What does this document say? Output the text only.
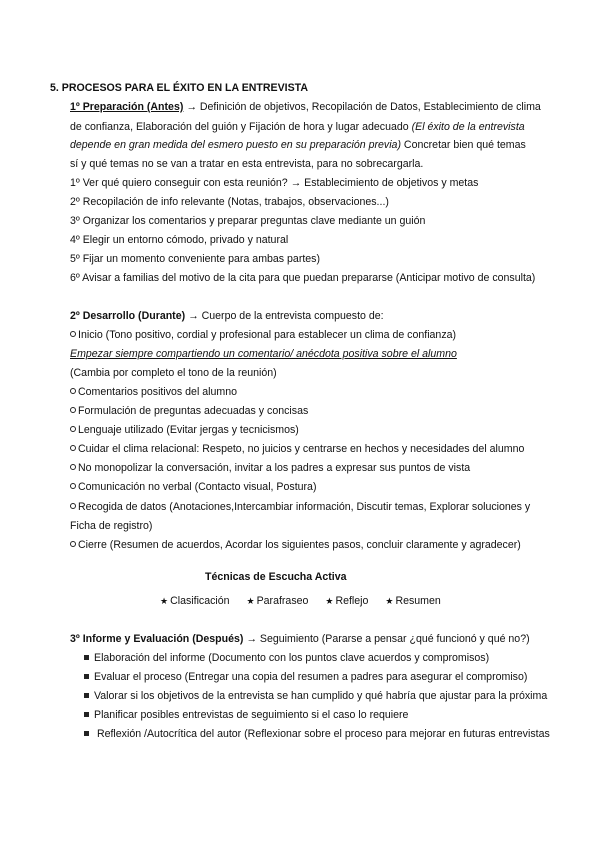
5. PROCESOS PARA EL ÉXITO EN LA ENTREVISTA
1º Preparación (Antes) → Definición de objetivos, Recopilación de Datos, Establecimiento de clima
de confianza, Elaboración del guión y Fijación de hora y lugar adecuado (El éxito de la entrevista
depende en gran medida del esmero puesto en su preparación previa) Concretar bien qué temas
sí y qué temas no se van a tratar en esta entrevista, para no sobrecargarla.
1º Ver qué quiero conseguir con esta reunión? → Establecimiento de objetivos y metas
2º Recopilación de info relevante (Notas, trabajos, observaciones...)
3º Organizar los comentarios y preparar preguntas clave mediante un guión
4º Elegir un entorno cómodo, privado y natural
5º Fijar un momento conveniente para ambas partes)
6º Avisar a familias del motivo de la cita para que puedan prepararse (Anticipar motivo de consulta)
2º Desarrollo (Durante) → Cuerpo de la entrevista compuesto de:
Inicio (Tono positivo, cordial y profesional para establecer un clima de confianza)
Empezar siempre compartiendo un comentario/ anécdota positiva sobre el alumno
(Cambia por completo el tono de la reunión)
Comentarios positivos del alumno
Formulación de preguntas adecuadas y concisas
Lenguaje utilizado (Evitar jergas y tecnicismos)
Cuidar el clima relacional: Respeto, no juicios y centrarse en hechos y necesidades del alumno
No monopolizar la conversación, invitar a los padres a expresar sus puntos de vista
Comunicación no verbal (Contacto visual, Postura)
Recogida de datos (Anotaciones,Intercambiar información, Discutir temas, Explorar soluciones y
Ficha de registro)
Cierre (Resumen de acuerdos, Acordar los siguientes pasos, concluir claramente y agradecer)
Técnicas de Escucha Activa
★ Clasificación ★ Parafraseo ★ Reflejo ★ Resumen
3º Informe y Evaluación (Después) → Seguimiento (Pararse a pensar ¿qué funcionó y qué no?)
Elaboración del informe (Documento con los puntos clave acuerdos y compromisos)
Evaluar el proceso (Entregar una copia del resumen a padres para asegurar el compromiso)
Valorar si los objetivos de la entrevista se han cumplido y qué habría que ajustar para la próxima
Planificar posibles entrevistas de seguimiento si el caso lo requiere
Reflexión /Autocrítica del autor (Reflexionar sobre el proceso para mejorar en futuras entrevistas
